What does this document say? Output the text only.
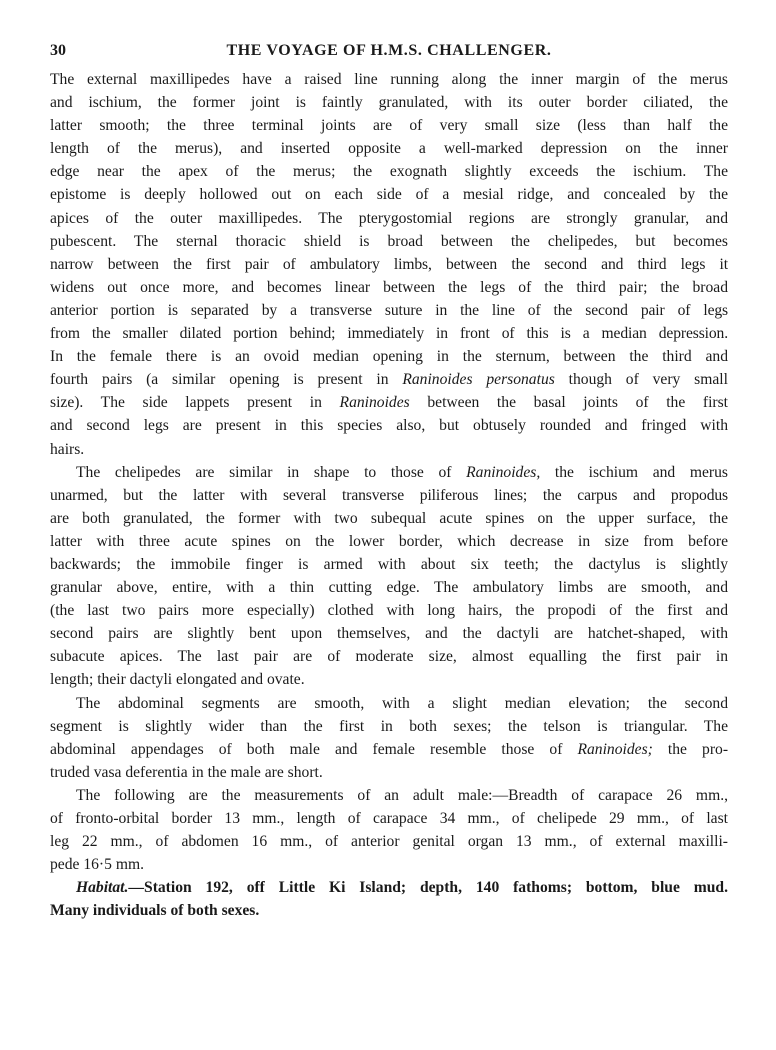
30	THE VOYAGE OF H.M.S. CHALLENGER.

The external maxillipedes have a raised line running along the inner margin of the merus

and ischium, the former joint is faintly granulated, with its outer border ciliated, the

latter smooth; the three terminal joints are of very small size (less than half the

length of the merus), and inserted opposite a well-marked depression on the inner

edge near the apex of the merus; the exognath slightly exceeds the ischium. The

epistome is deeply hollowed out on each side of a mesial ridge, and concealed by the

apices of the outer maxillipedes. The pterygostomial regions are strongly granular, and

pubescent. The sternal thoracic shield is broad between the chelipedes, but becomes

narrow between the first pair of ambulatory limbs, between the second and third legs it

widens out once more, and becomes linear between the legs of the third pair; the broad

anterior portion is separated by a transverse suture in the line of the second pair of legs

from the smaller dilated portion behind; immediately in front of this is a median depression.

In the female there is an ovoid median opening in the sternum, between the third and

fourth pairs (a similar opening is present in Raninoides personatus though of very small

size). The side lappets present in Raninoides between the basal joints of the first

and second legs are present in this species also, but obtusely rounded and fringed with

hairs.

The chelipedes are similar in shape to those of Raninoides, the ischium and merus

unarmed, but the latter with several transverse piliferous lines; the carpus and propodus

are both granulated, the former with two subequal acute spines on the upper surface, the

latter with three acute spines on the lower border, which decrease in size from before

backwards; the immobile finger is armed with about six teeth; the dactylus is slightly

granular above, entire, with a thin cutting edge. The ambulatory limbs are smooth, and

(the last two pairs more especially) clothed with long hairs, the propodi of the first and

second pairs are slightly bent upon themselves, and the dactyli are hatchet-shaped, with

subacute apices. The last pair are of moderate size, almost equalling the first pair in

length; their dactyli elongated and ovate.

The abdominal segments are smooth, with a slight median elevation; the second

segment is slightly wider than the first in both sexes; the telson is triangular. The

abdominal appendages of both male and female resemble those of Raninoides; the pro-

truded vasa deferentia in the male are short.

The following are the measurements of an adult male:—Breadth of carapace 26 mm.,

of fronto-orbital border 13 mm., length of carapace 34 mm., of chelipede 29 mm., of last

leg 22 mm., of abdomen 16 mm., of anterior genital organ 13 mm., of external maxilli-

pede 16·5 mm.

Habitat.—Station 192, off Little Ki Island; depth, 140 fathoms; bottom, blue mud.

Many individuals of both sexes.
